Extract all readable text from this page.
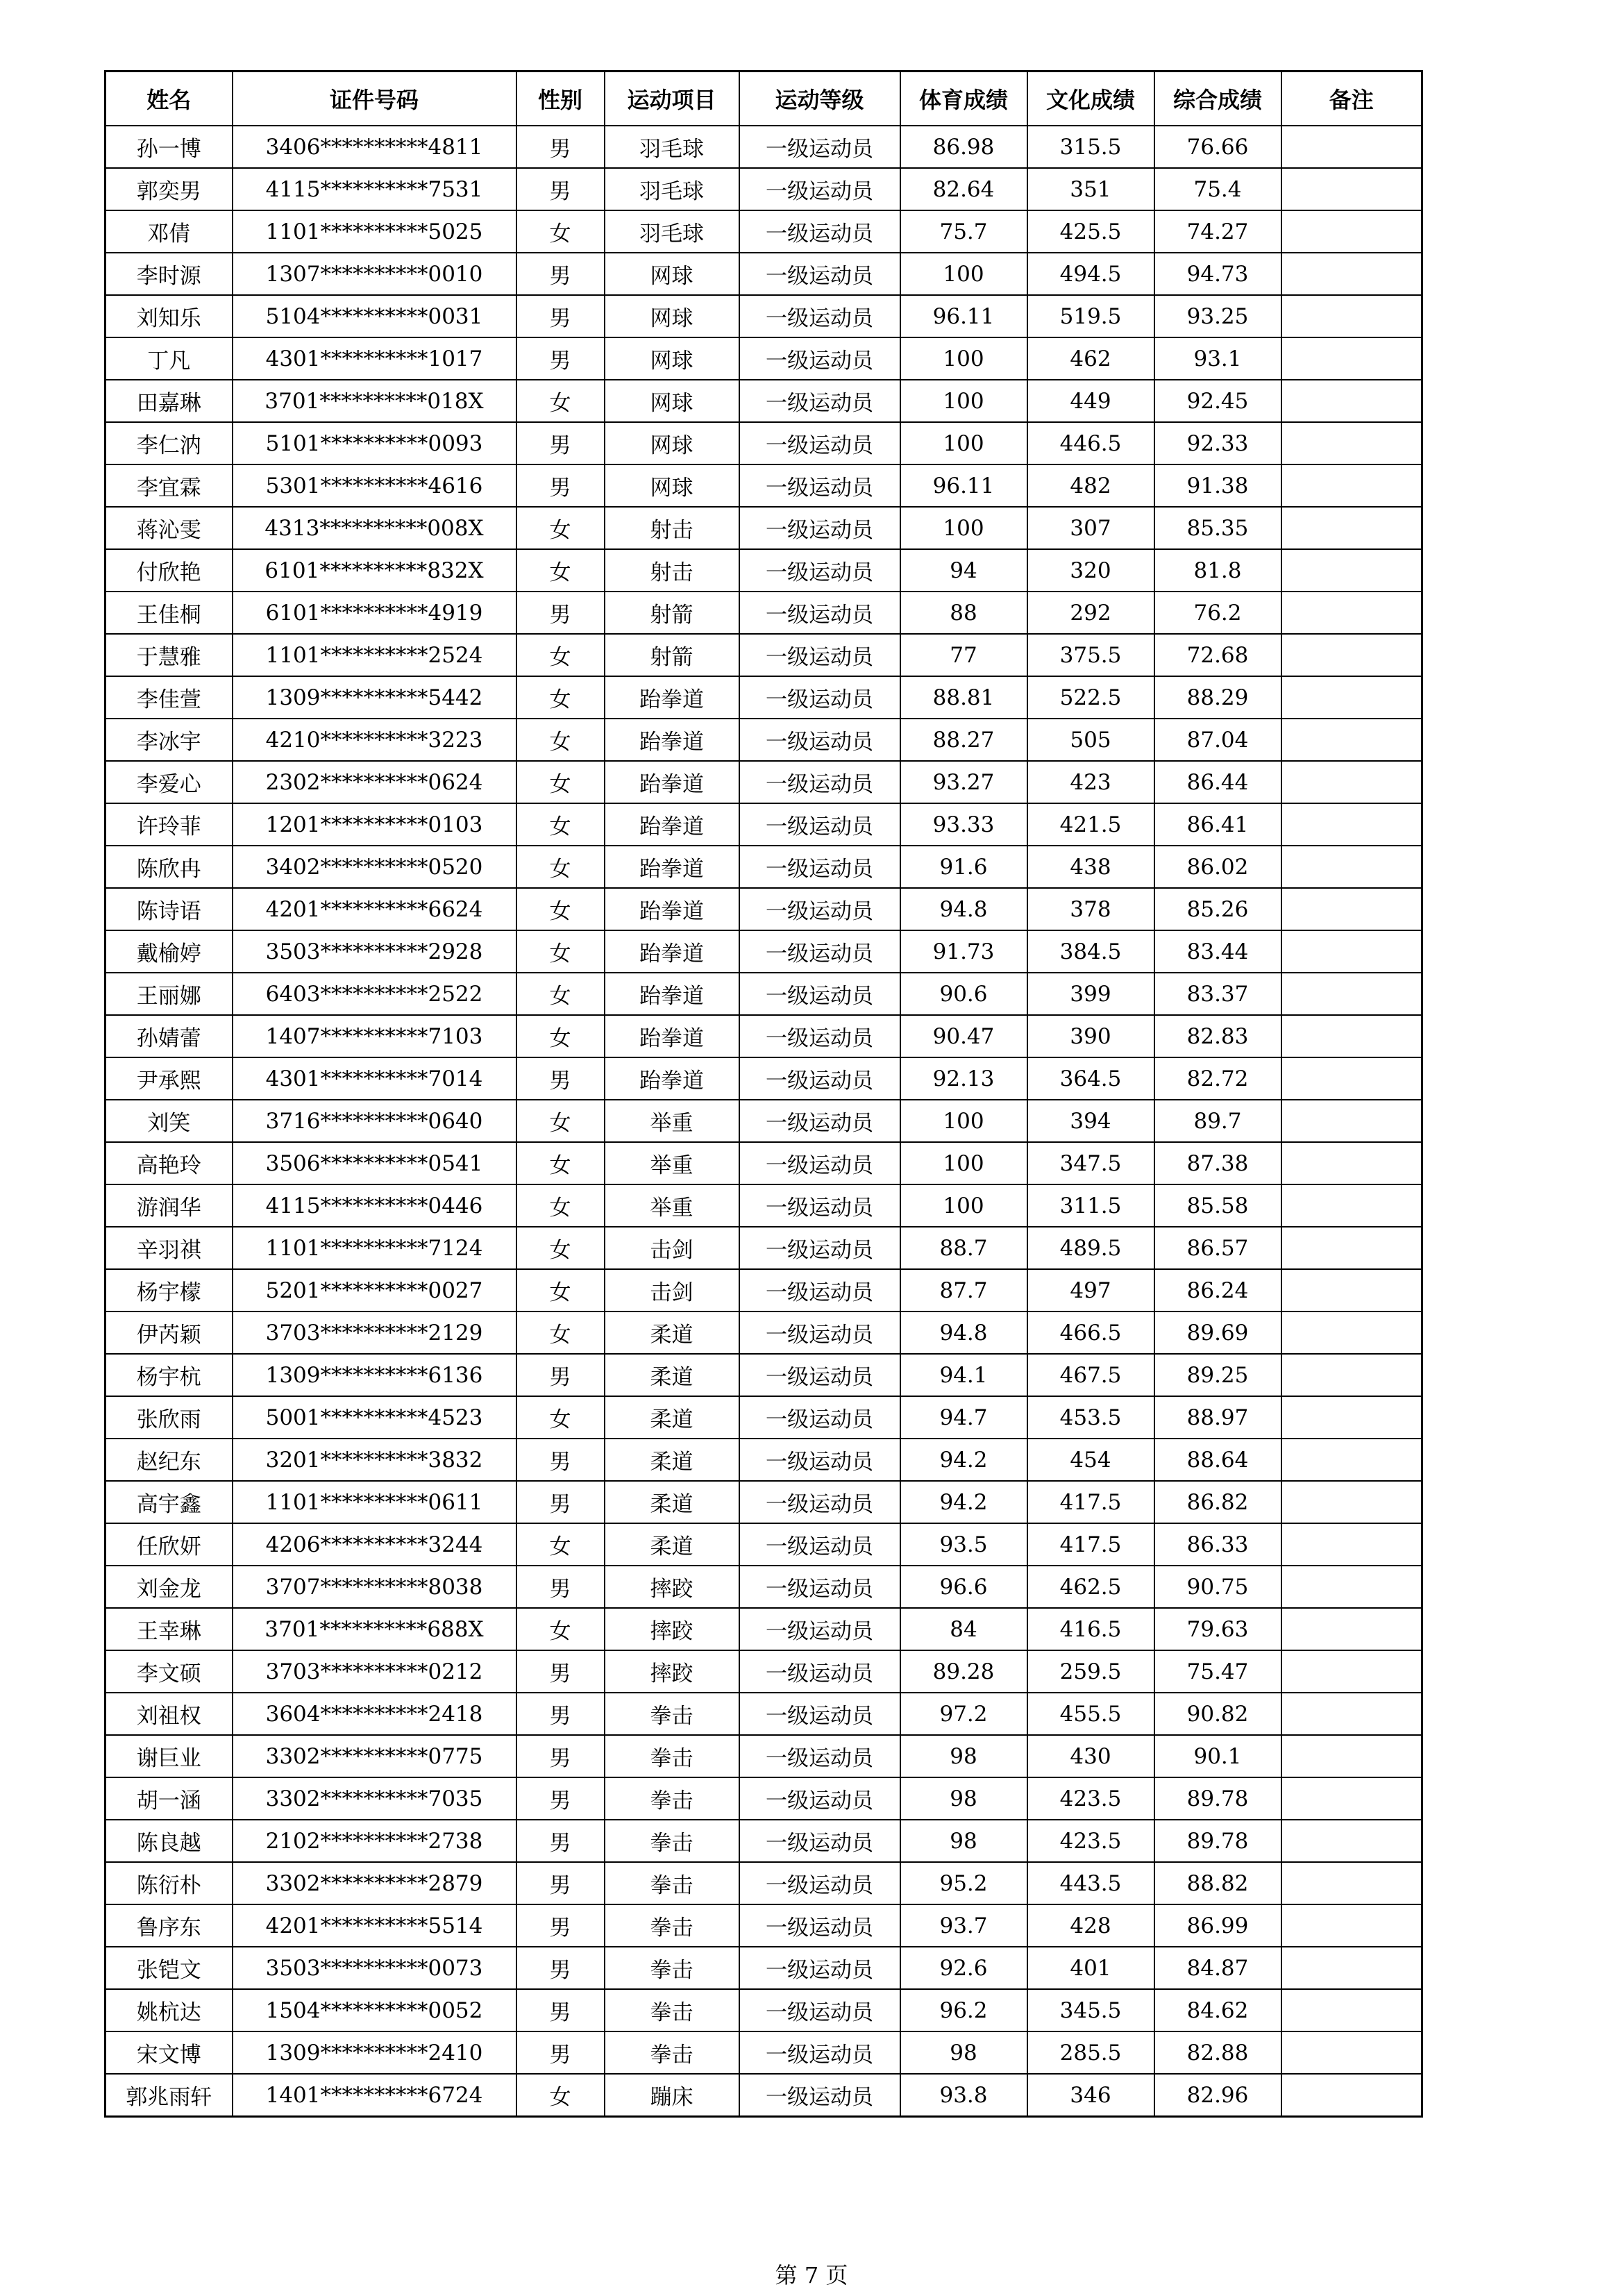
姓名	证件号码	性别	运动项目	运动等级	体育成绩	文化成绩	综合成绩	备注
孙一博	3406**********4811	男	羽毛球	一级运动员	86.98	315.5	76.66	
郭奕男	4115**********7531	男	羽毛球	一级运动员	82.64	351	75.4	
邓倩	1101**********5025	女	羽毛球	一级运动员	75.7	425.5	74.27	
李时源	1307**********0010	男	网球	一级运动员	100	494.5	94.73	
刘知乐	5104**********0031	男	网球	一级运动员	96.11	519.5	93.25	
丁凡	4301**********1017	男	网球	一级运动员	100	462	93.1	
田嘉琳	3701**********018X	女	网球	一级运动员	100	449	92.45	
李仁汭	5101**********0093	男	网球	一级运动员	100	446.5	92.33	
李宜霖	5301**********4616	男	网球	一级运动员	96.11	482	91.38	
蒋沁雯	4313**********008X	女	射击	一级运动员	100	307	85.35	
付欣艳	6101**********832X	女	射击	一级运动员	94	320	81.8	
王佳桐	6101**********4919	男	射箭	一级运动员	88	292	76.2	
于慧雅	1101**********2524	女	射箭	一级运动员	77	375.5	72.68	
李佳萱	1309**********5442	女	跆拳道	一级运动员	88.81	522.5	88.29	
李冰宇	4210**********3223	女	跆拳道	一级运动员	88.27	505	87.04	
李爱心	2302**********0624	女	跆拳道	一级运动员	93.27	423	86.44	
许玲菲	1201**********0103	女	跆拳道	一级运动员	93.33	421.5	86.41	
陈欣冉	3402**********0520	女	跆拳道	一级运动员	91.6	438	86.02	
陈诗语	4201**********6624	女	跆拳道	一级运动员	94.8	378	85.26	
戴榆婷	3503**********2928	女	跆拳道	一级运动员	91.73	384.5	83.44	
王丽娜	6403**********2522	女	跆拳道	一级运动员	90.6	399	83.37	
孙婧蕾	1407**********7103	女	跆拳道	一级运动员	90.47	390	82.83	
尹承熙	4301**********7014	男	跆拳道	一级运动员	92.13	364.5	82.72	
刘笑	3716**********0640	女	举重	一级运动员	100	394	89.7	
高艳玲	3506**********0541	女	举重	一级运动员	100	347.5	87.38	
游润华	4115**********0446	女	举重	一级运动员	100	311.5	85.58	
辛羽祺	1101**********7124	女	击剑	一级运动员	88.7	489.5	86.57	
杨宇檬	5201**********0027	女	击剑	一级运动员	87.7	497	86.24	
伊芮颖	3703**********2129	女	柔道	一级运动员	94.8	466.5	89.69	
杨宇杭	1309**********6136	男	柔道	一级运动员	94.1	467.5	89.25	
张欣雨	5001**********4523	女	柔道	一级运动员	94.7	453.5	88.97	
赵纪东	3201**********3832	男	柔道	一级运动员	94.2	454	88.64	
高宇鑫	1101**********0611	男	柔道	一级运动员	94.2	417.5	86.82	
任欣妍	4206**********3244	女	柔道	一级运动员	93.5	417.5	86.33	
刘金龙	3707**********8038	男	摔跤	一级运动员	96.6	462.5	90.75	
王幸琳	3701**********688X	女	摔跤	一级运动员	84	416.5	79.63	
李文硕	3703**********0212	男	摔跤	一级运动员	89.28	259.5	75.47	
刘祖权	3604**********2418	男	拳击	一级运动员	97.2	455.5	90.82	
谢巨业	3302**********0775	男	拳击	一级运动员	98	430	90.1	
胡一涵	3302**********7035	男	拳击	一级运动员	98	423.5	89.78	
陈良越	2102**********2738	男	拳击	一级运动员	98	423.5	89.78	
陈衍朴	3302**********2879	男	拳击	一级运动员	95.2	443.5	88.82	
鲁序东	4201**********5514	男	拳击	一级运动员	93.7	428	86.99	
张铠文	3503**********0073	男	拳击	一级运动员	92.6	401	84.87	
姚杭达	1504**********0052	男	拳击	一级运动员	96.2	345.5	84.62	
宋文博	1309**********2410	男	拳击	一级运动员	98	285.5	82.88	
郭兆雨轩	1401**********6724	女	蹦床	一级运动员	93.8	346	82.96	
第 7 页
